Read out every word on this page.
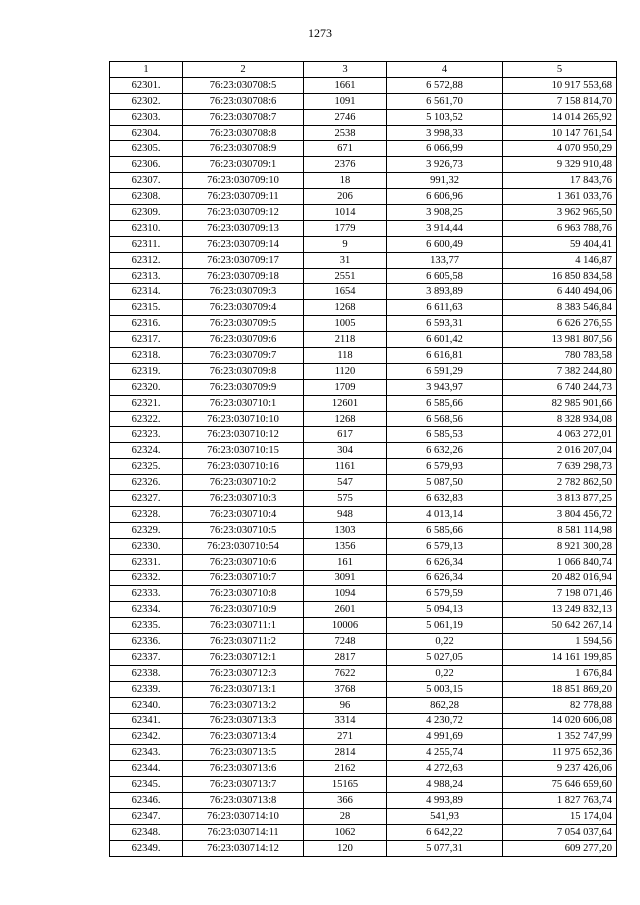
1273
1	2	3	4	5
62301.	76:23:030708:5	1661	6 572,88	10 917 553,68
62302.	76:23:030708:6	1091	6 561,70	7 158 814,70
62303.	76:23:030708:7	2746	5 103,52	14 014 265,92
62304.	76:23:030708:8	2538	3 998,33	10 147 761,54
62305.	76:23:030708:9	671	6 066,99	4 070 950,29
62306.	76:23:030709:1	2376	3 926,73	9 329 910,48
62307.	76:23:030709:10	18	991,32	17 843,76
62308.	76:23:030709:11	206	6 606,96	1 361 033,76
62309.	76:23:030709:12	1014	3 908,25	3 962 965,50
62310.	76:23:030709:13	1779	3 914,44	6 963 788,76
62311.	76:23:030709:14	9	6 600,49	59 404,41
62312.	76:23:030709:17	31	133,77	4 146,87
62313.	76:23:030709:18	2551	6 605,58	16 850 834,58
62314.	76:23:030709:3	1654	3 893,89	6 440 494,06
62315.	76:23:030709:4	1268	6 611,63	8 383 546,84
62316.	76:23:030709:5	1005	6 593,31	6 626 276,55
62317.	76:23:030709:6	2118	6 601,42	13 981 807,56
62318.	76:23:030709:7	118	6 616,81	780 783,58
62319.	76:23:030709:8	1120	6 591,29	7 382 244,80
62320.	76:23:030709:9	1709	3 943,97	6 740 244,73
62321.	76:23:030710:1	12601	6 585,66	82 985 901,66
62322.	76:23:030710:10	1268	6 568,56	8 328 934,08
62323.	76:23:030710:12	617	6 585,53	4 063 272,01
62324.	76:23:030710:15	304	6 632,26	2 016 207,04
62325.	76:23:030710:16	1161	6 579,93	7 639 298,73
62326.	76:23:030710:2	547	5 087,50	2 782 862,50
62327.	76:23:030710:3	575	6 632,83	3 813 877,25
62328.	76:23:030710:4	948	4 013,14	3 804 456,72
62329.	76:23:030710:5	1303	6 585,66	8 581 114,98
62330.	76:23:030710:54	1356	6 579,13	8 921 300,28
62331.	76:23:030710:6	161	6 626,34	1 066 840,74
62332.	76:23:030710:7	3091	6 626,34	20 482 016,94
62333.	76:23:030710:8	1094	6 579,59	7 198 071,46
62334.	76:23:030710:9	2601	5 094,13	13 249 832,13
62335.	76:23:030711:1	10006	5 061,19	50 642 267,14
62336.	76:23:030711:2	7248	0,22	1 594,56
62337.	76:23:030712:1	2817	5 027,05	14 161 199,85
62338.	76:23:030712:3	7622	0,22	1 676,84
62339.	76:23:030713:1	3768	5 003,15	18 851 869,20
62340.	76:23:030713:2	96	862,28	82 778,88
62341.	76:23:030713:3	3314	4 230,72	14 020 606,08
62342.	76:23:030713:4	271	4 991,69	1 352 747,99
62343.	76:23:030713:5	2814	4 255,74	11 975 652,36
62344.	76:23:030713:6	2162	4 272,63	9 237 426,06
62345.	76:23:030713:7	15165	4 988,24	75 646 659,60
62346.	76:23:030713:8	366	4 993,89	1 827 763,74
62347.	76:23:030714:10	28	541,93	15 174,04
62348.	76:23:030714:11	1062	6 642,22	7 054 037,64
62349.	76:23:030714:12	120	5 077,31	609 277,20
